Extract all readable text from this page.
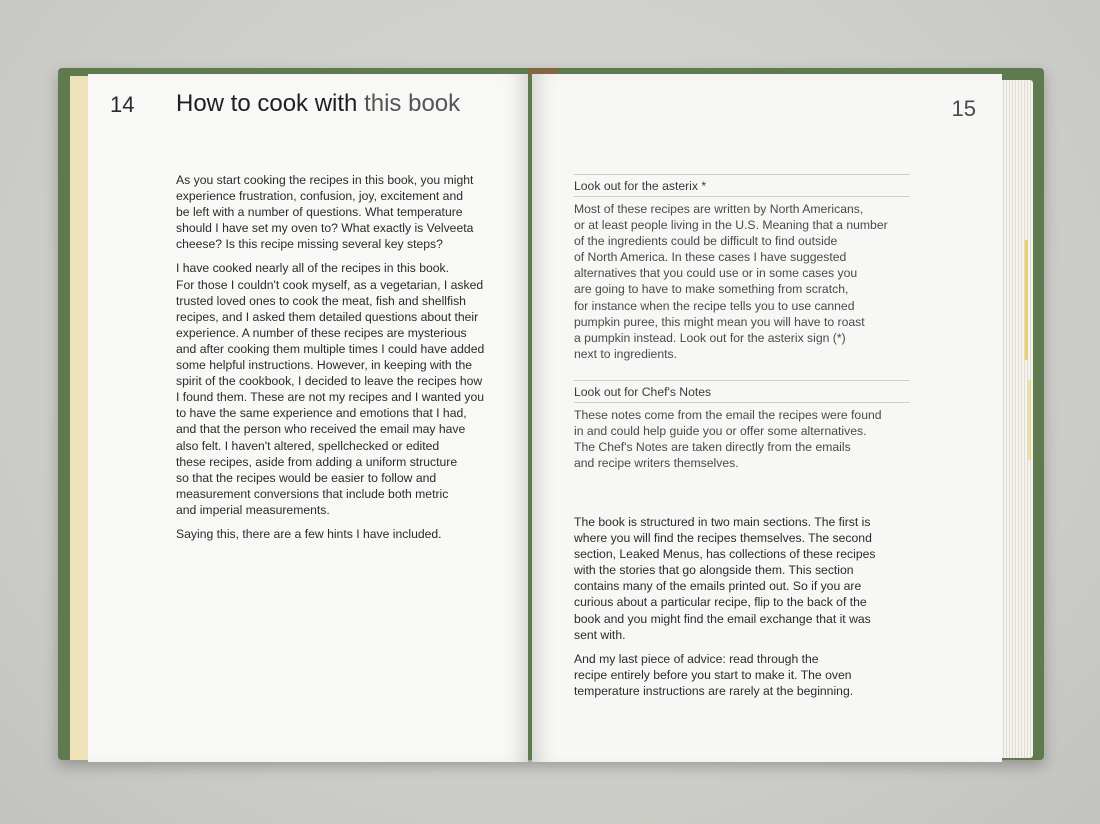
14 How to cook with this book

As you start cooking the recipes in this book, you might
experience frustration, confusion, joy, excitement and
be left with a number of questions. What temperature
should I have set my oven to? What exactly is Velveeta
cheese? Is this recipe missing several key steps?

I have cooked nearly all of the recipes in this book.
For those I couldn't cook myself, as a vegetarian, I asked
trusted loved ones to cook the meat, fish and shellfish
recipes, and I asked them detailed questions about their
experience. A number of these recipes are mysterious
and after cooking them multiple times I could have added
some helpful instructions. However, in keeping with the
spirit of the cookbook, I decided to leave the recipes how
I found them. These are not my recipes and I wanted you
to have the same experience and emotions that I had,
and that the person who received the email may have
also felt. I haven't altered, spellchecked or edited
these recipes, aside from adding a uniform structure
so that the recipes would be easier to follow and
measurement conversions that include both metric
and imperial measurements.

Saying this, there are a few hints I have included.

15
Look out for the asterix *
Most of these recipes are written by North Americans,
or at least people living in the U.S. Meaning that a number
of the ingredients could be difficult to find outside
of North America. In these cases I have suggested
alternatives that you could use or in some cases you
are going to have to make something from scratch,
for instance when the recipe tells you to use canned
pumpkin puree, this might mean you will have to roast
a pumpkin instead. Look out for the asterix sign (*)
next to ingredients.
Look out for Chef's Notes
These notes come from the email the recipes were found
in and could help guide you or offer some alternatives.
The Chef's Notes are taken directly from the emails
and recipe writers themselves.

The book is structured in two main sections. The first is
where you will find the recipes themselves. The second
section, Leaked Menus, has collections of these recipes
with the stories that go alongside them. This section
contains many of the emails printed out. So if you are
curious about a particular recipe, flip to the back of the
book and you might find the email exchange that it was
sent with.

And my last piece of advice: read through the
recipe entirely before you start to make it. The oven
temperature instructions are rarely at the beginning.
